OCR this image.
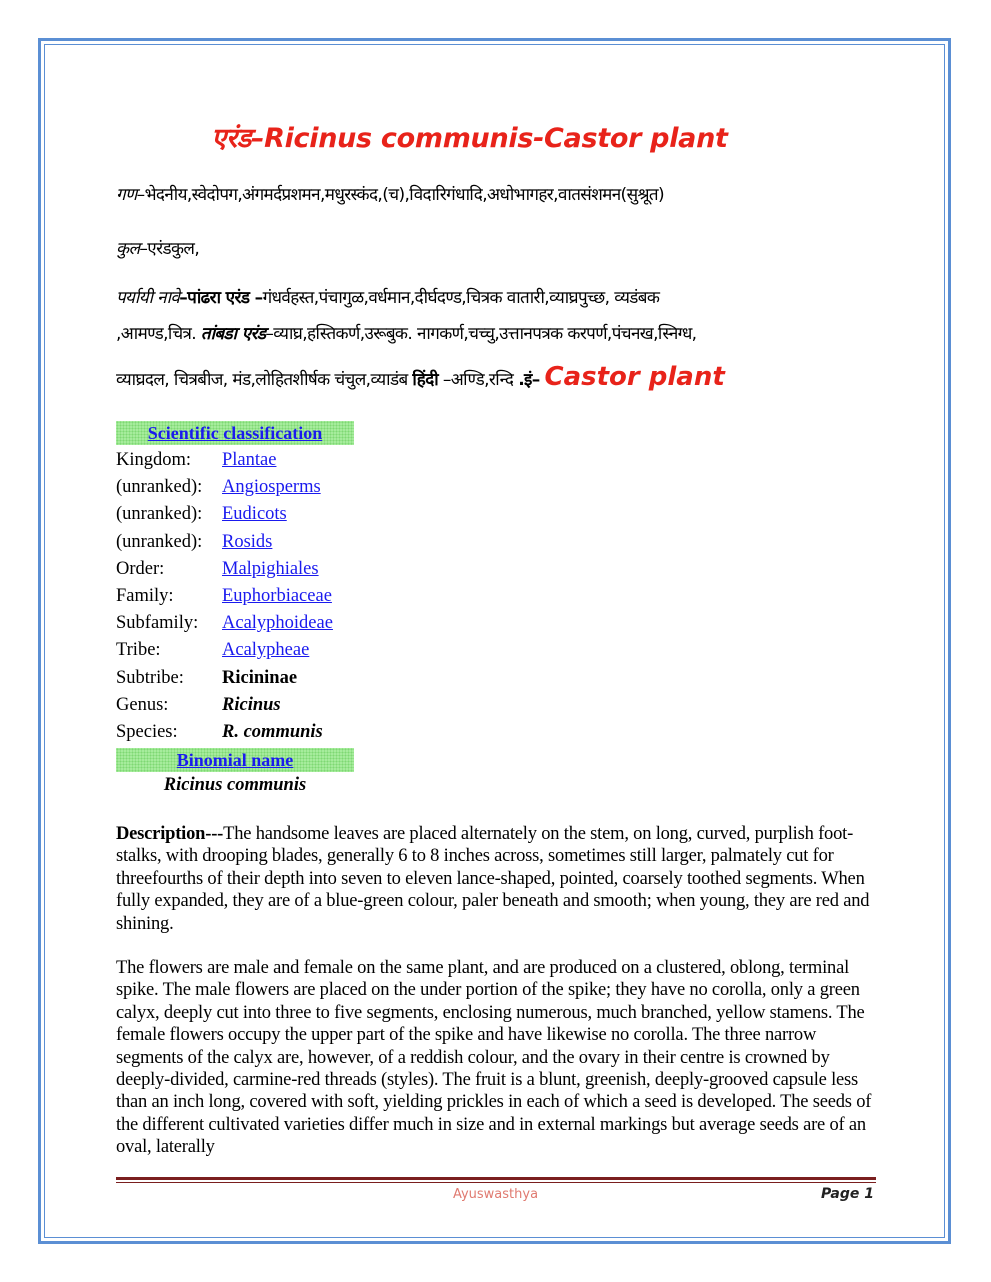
एरंड–Ricinus communis-Castor plant
गण–भेदनीय,स्वेदोपग,अंगमर्दप्रशमन,मधुरस्कंद,(च),विदारिगंधादि,अधोभागहर,वातसंशमन(सुश्रूत)
कुल–एरंडकुल,
पर्यायी नावे–पांढरा एरंड –गंधर्वहस्त,पंचागुळ,वर्धमान,दीर्घदण्ड,चित्रक वातारी,व्याघ्रपुच्छ, व्यडंबक
,आमण्ड,चित्र. तांबडा एरंड–व्याघ्र,हस्तिकर्ण,उरूबुक. नागकर्ण,चच्चु,उत्तानपत्रक करपर्ण,पंचनख,स्निग्ध,
व्याघ्रदल, चित्रबीज, मंड,लोहितशीर्षक चंचुल,व्याडंब हिंदी –अण्डि,रन्दि .इं– Castor plant
Scientific classification
Kingdom: Plantae
(unranked): Angiosperms
(unranked): Eudicots
(unranked): Rosids
Order:	Malpighiales
Family:	Euphorbiaceae
Subfamily: Acalyphoideae
Tribe:	Acalypheae
Subtribe: Ricininae
Genus:	Ricinus
Species: R. communis
Binomial name
Ricinus communis
Description---The handsome leaves are placed alternately on the stem, on long, curved, purplish foot-stalks, with drooping blades, generally 6 to 8 inches across, sometimes still larger, palmately cut for threefourths of their depth into seven to eleven lance-shaped, pointed, coarsely toothed segments. When fully expanded, they are of a blue-green colour, paler beneath and smooth; when young, they are red and shining.
The flowers are male and female on the same plant, and are produced on a clustered, oblong, terminal spike. The male flowers are placed on the under portion of the spike; they have no corolla, only a green calyx, deeply cut into three to five segments, enclosing numerous, much branched, yellow stamens. The female flowers occupy the upper part of the spike and have likewise no corolla. The three narrow segments of the calyx are, however, of a reddish colour, and the ovary in their centre is crowned by deeply-divided, carmine-red threads (styles). The fruit is a blunt, greenish, deeply-grooved capsule less than an inch long, covered with soft, yielding prickles in each of which a seed is developed. The seeds of the different cultivated varieties differ much in size and in external markings but average seeds are of an oval, laterally
Ayuswasthya	Page 1
